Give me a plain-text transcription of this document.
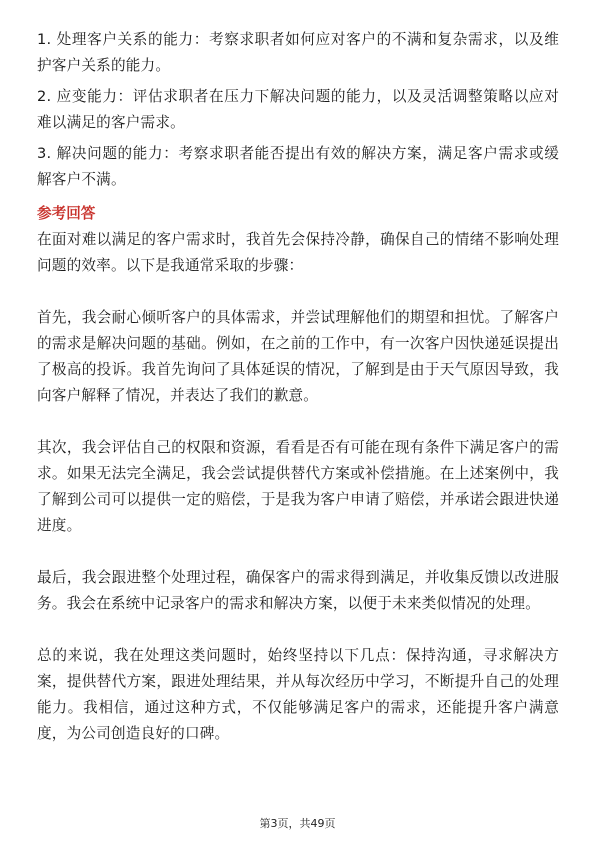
1. 处理客户关系的能力：考察求职者如何应对客户的不满和复杂需求，以及维护客户关系的能力。

2. 应变能力：评估求职者在压力下解决问题的能力，以及灵活调整策略以应对难以满足的客户需求。

3. 解决问题的能力：考察求职者能否提出有效的解决方案，满足客户需求或缓解客户不满。

参考回答

在面对难以满足的客户需求时，我首先会保持冷静，确保自己的情绪不影响处理问题的效率。以下是我通常采取的步骤：

首先，我会耐心倾听客户的具体需求，并尝试理解他们的期望和担忧。了解客户的需求是解决问题的基础。例如，在之前的工作中，有一次客户因快递延误提出了极高的投诉。我首先询问了具体延误的情况，了解到是由于天气原因导致，我向客户解释了情况，并表达了我们的歉意。

其次，我会评估自己的权限和资源，看看是否有可能在现有条件下满足客户的需求。如果无法完全满足，我会尝试提供替代方案或补偿措施。在上述案例中，我了解到公司可以提供一定的赔偿，于是我为客户申请了赔偿，并承诺会跟进快递进度。

最后，我会跟进整个处理过程，确保客户的需求得到满足，并收集反馈以改进服务。我会在系统中记录客户的需求和解决方案，以便于未来类似情况的处理。

总的来说，我在处理这类问题时，始终坚持以下几点：保持沟通，寻求解决方案，提供替代方案，跟进处理结果，并从每次经历中学习，不断提升自己的处理能力。我相信，通过这种方式，不仅能够满足客户的需求，还能提升客户满意度，为公司创造良好的口碑。

第3页，共49页
